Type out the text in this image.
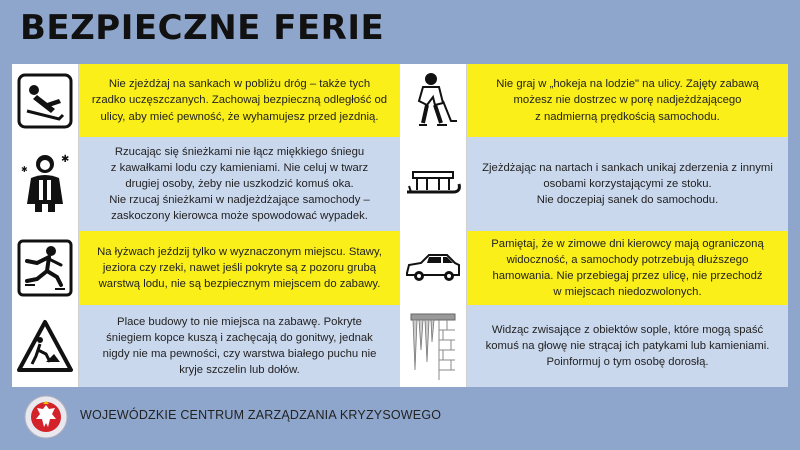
BEZPIECZNE FERIE
Nie zjeżdżaj na sankach w pobliżu dróg – także tych
rzadko uczęszczanych. Zachowaj bezpieczną odległość od
ulicy, aby mieć pewność, że wyhamujesz przed jezdnią.
Nie graj w „hokeja na lodzie" na ulicy. Zajęty zabawą
możesz nie dostrzec w porę nadjeżdżającego
z nadmierną prędkością samochodu.
✱
✱
Rzucając się śnieżkami nie łącz miękkiego śniegu
z kawałkami lodu czy kamieniami. Nie celuj w twarz
drugiej osoby, żeby nie uszkodzić komuś oka.
Nie rzucaj śnieżkami w nadjeżdżające samochody –
zaskoczony kierowca może spowodować wypadek.
Zjeżdżając na nartach i sankach unikaj zderzenia z innymi
osobami korzystającymi ze stoku.
Nie doczepiaj sanek do samochodu.
Na łyżwach jeździj tylko w wyznaczonym miejscu. Stawy,
jeziora czy rzeki, nawet jeśli pokryte są z pozoru grubą
warstwą lodu, nie są bezpiecznym miejscem do zabawy.
Pamiętaj, że w zimowe dni kierowcy mają ograniczoną
widoczność, a samochody potrzebują dłuższego
hamowania. Nie przebiegaj przez ulicę, nie przechodź
w miejscach niedozwolonych.
Place budowy to nie miejsca na zabawę. Pokryte
śniegiem kopce kuszą i zachęcają do gonitwy, jednak
nigdy nie ma pewności, czy warstwa białego puchu nie
kryje szczelin lub dołów.
Widząc zwisające z obiektów sople, które mogą spaść
komuś na głowę nie strącaj ich patykami lub kamieniami.
Poinformuj o tym osobę dorosłą.
WOJEWÓDZKIE CENTRUM ZARZĄDZANIA KRYZYSOWEGO
